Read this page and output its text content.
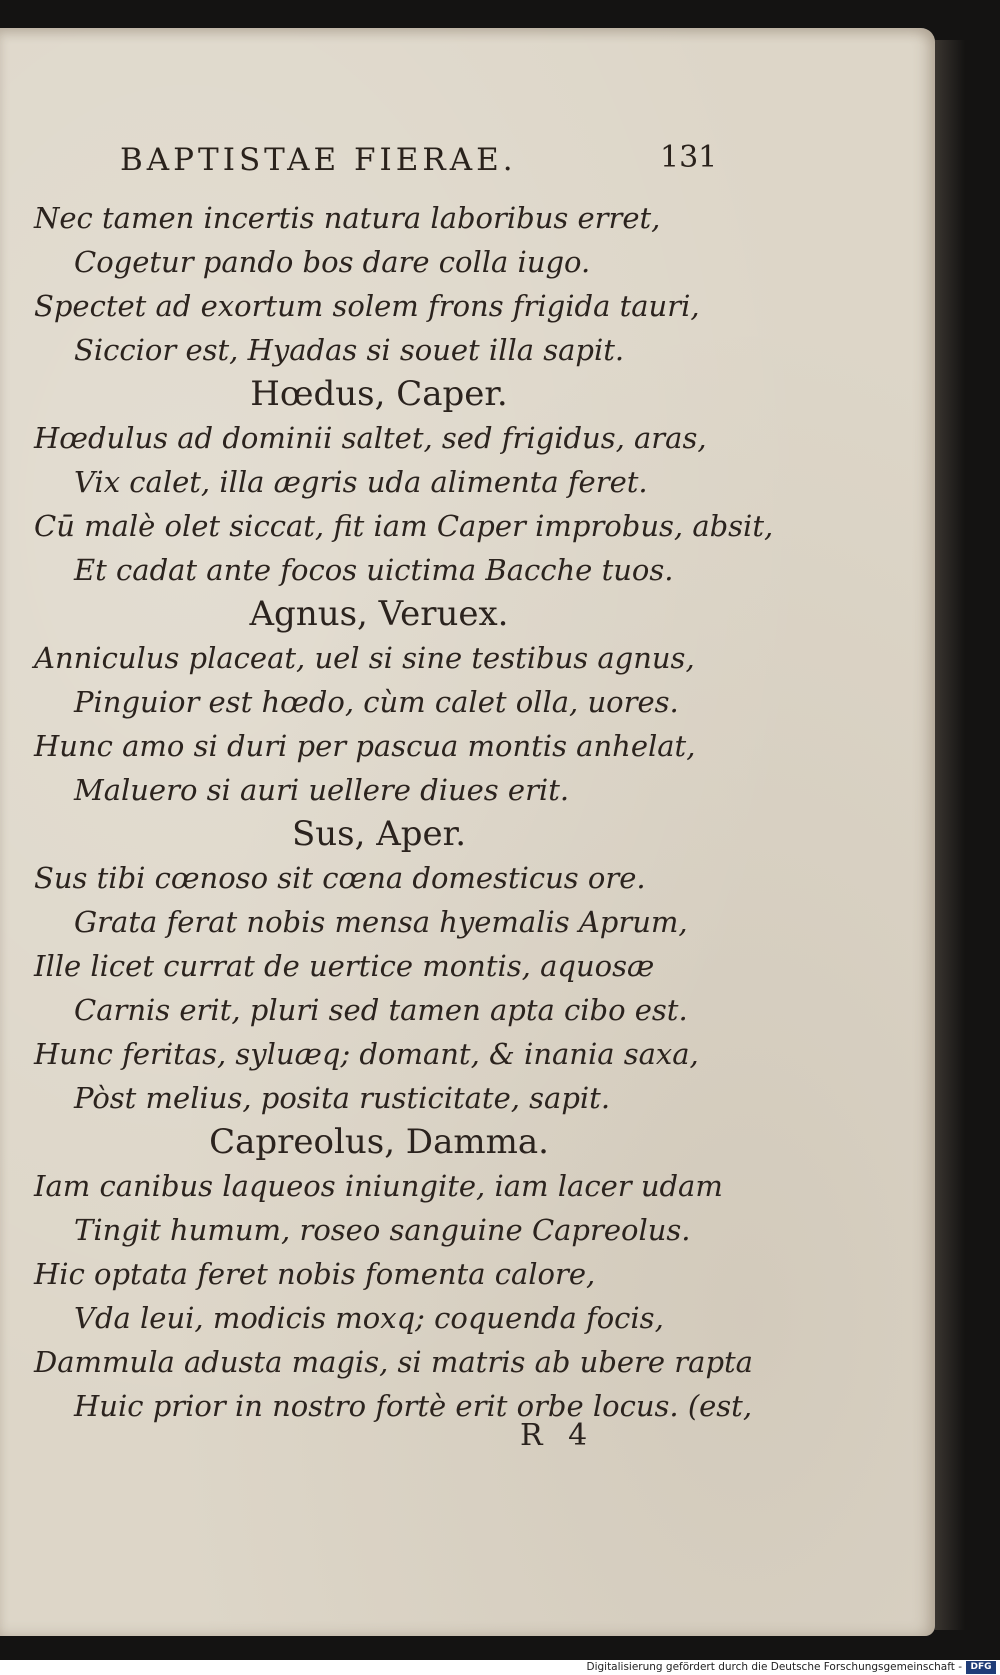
BAPTISTAE FIERAE.	131
Nec tamen incertis natura laboribus erret,
Cogetur pando bos dare colla iugo.
Spectet ad exortum solem frons frigida tauri,
Siccior est, Hyadas si souet illa sapit.
Hœdus, Caper.
Hœdulus ad dominii saltet, sed frigidus, aras,
Vix calet, illa ægris uda alimenta feret.
Cū malè olet siccat, fit iam Caper improbus, absit,
Et cadat ante focos uictima Bacche tuos.
Agnus, Veruex.
Anniculus placeat, uel si sine testibus agnus,
Pinguior est hœdo, cùm calet olla, uores.
Hunc amo si duri per pascua montis anhelat,
Maluero si auri uellere diues erit.
Sus, Aper.
Sus tibi cœnoso sit cœna domesticus ore.
Grata ferat nobis mensa hyemalis Aprum,
Ille licet currat de uertice montis, aquosæ
Carnis erit, pluri sed tamen apta cibo est.
Hunc feritas, syluæq; domant, & inania saxa,
Pòst melius, posita rusticitate, sapit.
Capreolus, Damma.
Iam canibus laqueos iniungite, iam lacer udam
Tingit humum, roseo sanguine Capreolus.
Hic optata feret nobis fomenta calore,
Vda leui, modicis moxq; coquenda focis,
Dammula adusta magis, si matris ab ubere rapta
Huic prior in nostro fortè erit orbe locus. (est,
R 4
Digitalisierung gefördert durch die Deutsche Forschungsgemeinschaft - DFG
